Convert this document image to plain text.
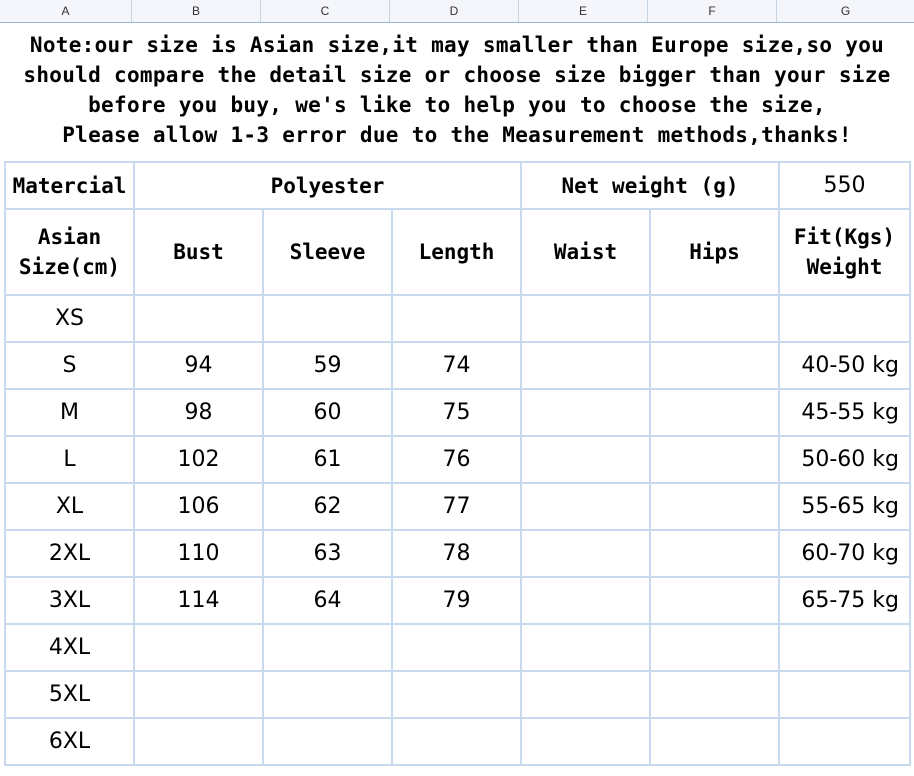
A	B	C	D	E	F	G
Note:our size is Asian size,it may smaller than Europe size,so you
should compare the detail size or choose size bigger than your size
before you buy, we's like to help you to choose the size,
Please allow 1-3 error due to the Measurement methods,thanks!
Matercial	Polyester			Net weight (g)		550
Asian Size(cm)	Bust	Sleeve	Length	Waist	Hips	Fit(Kgs) Weight
XS						
S	94	59	74			40-50 kg
M	98	60	75			45-55 kg
L	102	61	76			50-60 kg
XL	106	62	77			55-65 kg
2XL	110	63	78			60-70 kg
3XL	114	64	79			65-75 kg
4XL						
5XL						
6XL						
